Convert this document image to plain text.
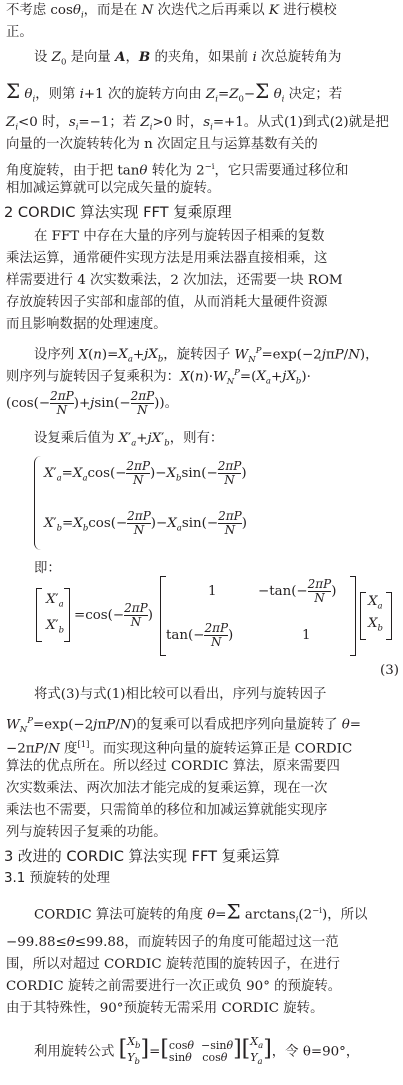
不考虑 cosθ$_i$，而是在 N 次迭代之后再乘以 K 进行模校
正。
设 $Z_0$ 是向量 A，B 的夹角，如果前 i 次总旋转角为
Σ $\theta_i$，则第 i+1 次的旋转方向由 $Z_i=Z_0-\Sigma$ $\theta_i$ 决定；若
$Z_i<0$ 时，$s_i=-1$；若 $Z_i>0$ 时，$s_i=+1$。从式(1)到式(2)就是把
向量的一次旋转转化为 n 次固定且与运算基数有关的
角度旋转，由于把 tanθ 转化为 $2^{-i}$，它只需要通过移位和
相加减运算就可以完成矢量的旋转。
2 CORDIC 算法实现 FFT 复乘原理
在 FFT 中存在大量的序列与旋转因子相乘的复数
乘法运算，通常硬件实现方法是用乘法器直接相乘，这
样需要进行 4 次实数乘法，2 次加法，还需要一块 ROM
存放旋转因子实部和虚部的值，从而消耗大量硬件资源
而且影响数据的处理速度。
设序列 $X(n)=X_a+jX_b$，旋转因子 $W_N^P=\exp(-2j\pi P/N)$，
则序列与旋转因子复乘积为：$X(n)\cdot W_N^P=(X_a+jX_b)\cdot$
($\cos(-\frac{2\pi P}{N} )+jsin(-\frac{2\pi P}{N}$ ))。
设复乘后值为 $X'_a+jX'_b$，则有：
$X'_a=X_a\cos(-\frac{2\pi P}{N} )-X_b\sin(-\frac{2\pi P}{N}$ )
$X'_b=X_b\cos(-\frac{2\pi P}{N} )-X_a\sin(-\frac{2\pi P}{N}$ )
即：
$X'_a$
$X'_b$
$=\cos(-\frac{2\pi P}{N}$ )
1	$-\tan(-\frac{2\pi P}{N}$ )
$\tan(-\frac{2\pi P}{N}$ )	1
$X_a$
$X_b$
(3)
将式(3)与式(1)相比较可以看出，序列与旋转因子
$W_N^P=\exp(-2j\pi P/N)$的复乘可以看成把序列向量旋转了 θ=
−2πP/N 度[1]。而实现这种向量的旋转运算正是 CORDIC
算法的优点所在。所以经过 CORDIC 算法，原来需要四
次实数乘法、两次加法才能完成的复乘运算，现在一次
乘法也不需要，只需简单的移位和加减运算就能实现序
列与旋转因子复乘的功能。
3 改进的 CORDIC 算法实现 FFT 复乘运算
3.1 预旋转的处理
CORDIC 算法可旋转的角度 θ=Σ $\arctan s_i(2^{-i})$，所以
−99.88≤θ≤99.88，而旋转因子的角度可能超过这一范
围，所以对超过 CORDIC 旋转范围的旋转因子，在进行
CORDIC 旋转之前需要进行一次正或负 90° 的预旋转。
由于其特殊性，90°预旋转无需采用 CORDIC 旋转。
利用旋转公式 [$X_b$
$Y_b]=[\cos\theta -\sin\theta$
sinθ   cosθ ][$X_a$
$Y_a$]，令 θ=90°，
